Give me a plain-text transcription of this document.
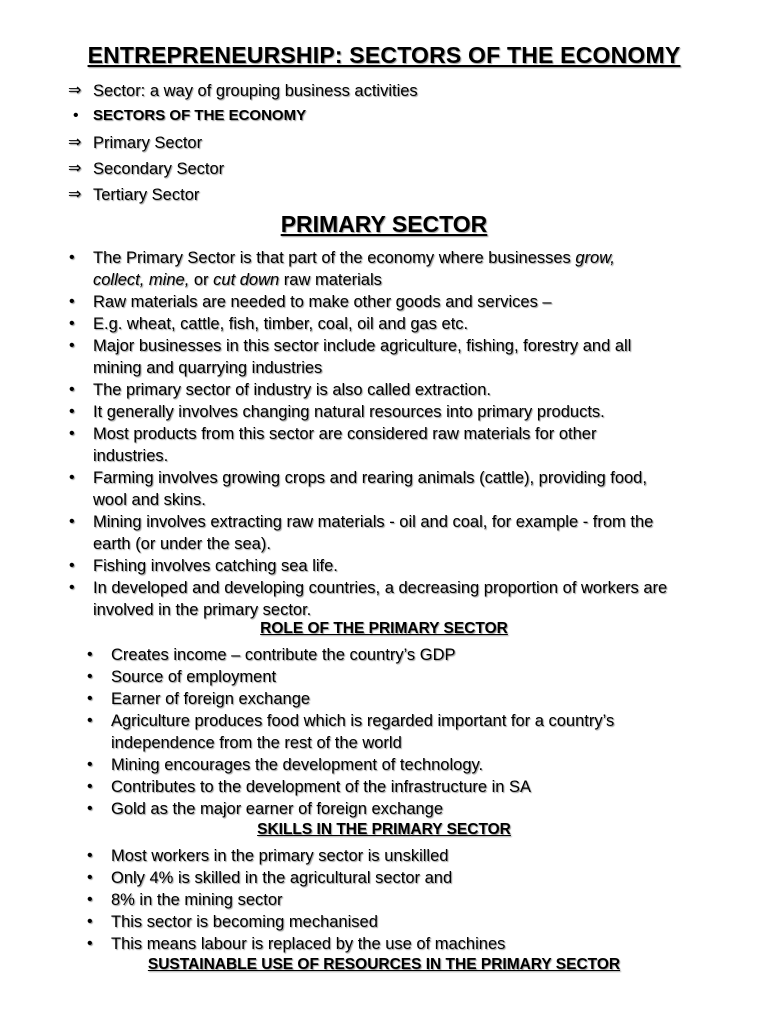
ENTREPRENEURSHIP: SECTORS OF THE ECONOMY
⇒ Sector: a way of grouping business activities
• SECTORS OF THE ECONOMY
⇒ Primary Sector
⇒ Secondary Sector
⇒ Tertiary Sector
PRIMARY SECTOR
• The Primary Sector is that part of the economy where businesses grow,
collect, mine, or cut down raw materials
• Raw materials are needed to make other goods and services –
• E.g. wheat, cattle, fish, timber, coal, oil and gas etc.
• Major businesses in this sector include agriculture, fishing, forestry and all
mining and quarrying industries
• The primary sector of industry is also called extraction.
• It generally involves changing natural resources into primary products.
• Most products from this sector are considered raw materials for other
industries.
• Farming involves growing crops and rearing animals (cattle), providing food,
wool and skins.
• Mining involves extracting raw materials - oil and coal, for example - from the
earth (or under the sea).
• Fishing involves catching sea life.
• In developed and developing countries, a decreasing proportion of workers are
involved in the primary sector.
ROLE OF THE PRIMARY SECTOR
• Creates income – contribute the country’s GDP
• Source of employment
• Earner of foreign exchange
• Agriculture produces food which is regarded important for a country’s
independence from the rest of the world
• Mining encourages the development of technology.
• Contributes to the development of the infrastructure in SA
• Gold as the major earner of foreign exchange
SKILLS IN THE PRIMARY SECTOR
• Most workers in the primary sector is unskilled
• Only 4% is skilled in the agricultural sector and
• 8% in the mining sector
• This sector is becoming mechanised
• This means labour is replaced by the use of machines
SUSTAINABLE USE OF RESOURCES IN THE PRIMARY SECTOR
